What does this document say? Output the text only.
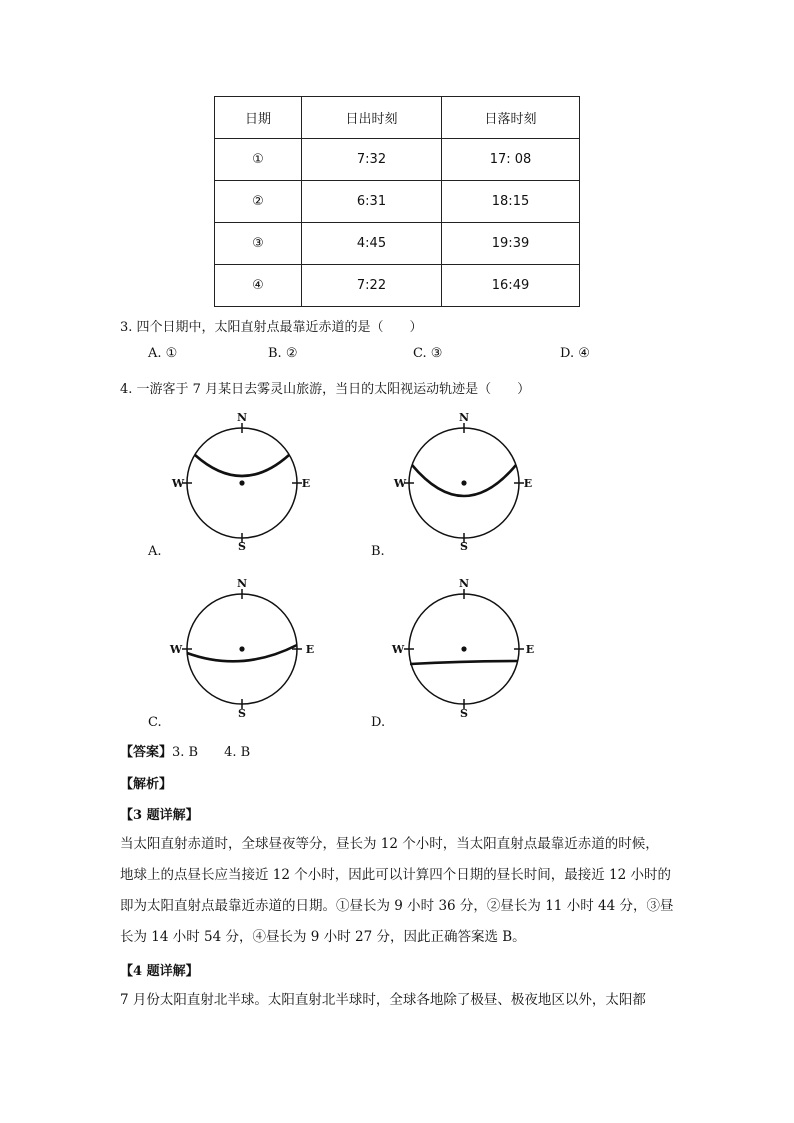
日期	日出时刻	日落时刻
①	7:32	17: 08
②	6:31	18:15
③	4:45	19:39
④	7:22	16:49
3. 四个日期中，太阳直射点最靠近赤道的是（　　）
A. ①	B. ②	C. ③	D. ④
4. 一游客于 7 月某日去雾灵山旅游，当日的太阳视运动轨迹是（　　）
N
S
W	E
N
S
W	E
N
S
W	E
N
S
W	E
A.	B.
C.	D.
【答案】3. B　　4. B
【解析】
【3 题详解】
当太阳直射赤道时，全球昼夜等分，昼长为 12 个小时，当太阳直射点最靠近赤道的时候，
地球上的点昼长应当接近 12 个小时，因此可以计算四个日期的昼长时间，最接近 12 小时的
即为太阳直射点最靠近赤道的日期。①昼长为 9 小时 36 分，②昼长为 11 小时 44 分，③昼
长为 14 小时 54 分，④昼长为 9 小时 27 分，因此正确答案选 B。
【4 题详解】
7 月份太阳直射北半球。太阳直射北半球时，全球各地除了极昼、极夜地区以外，太阳都
